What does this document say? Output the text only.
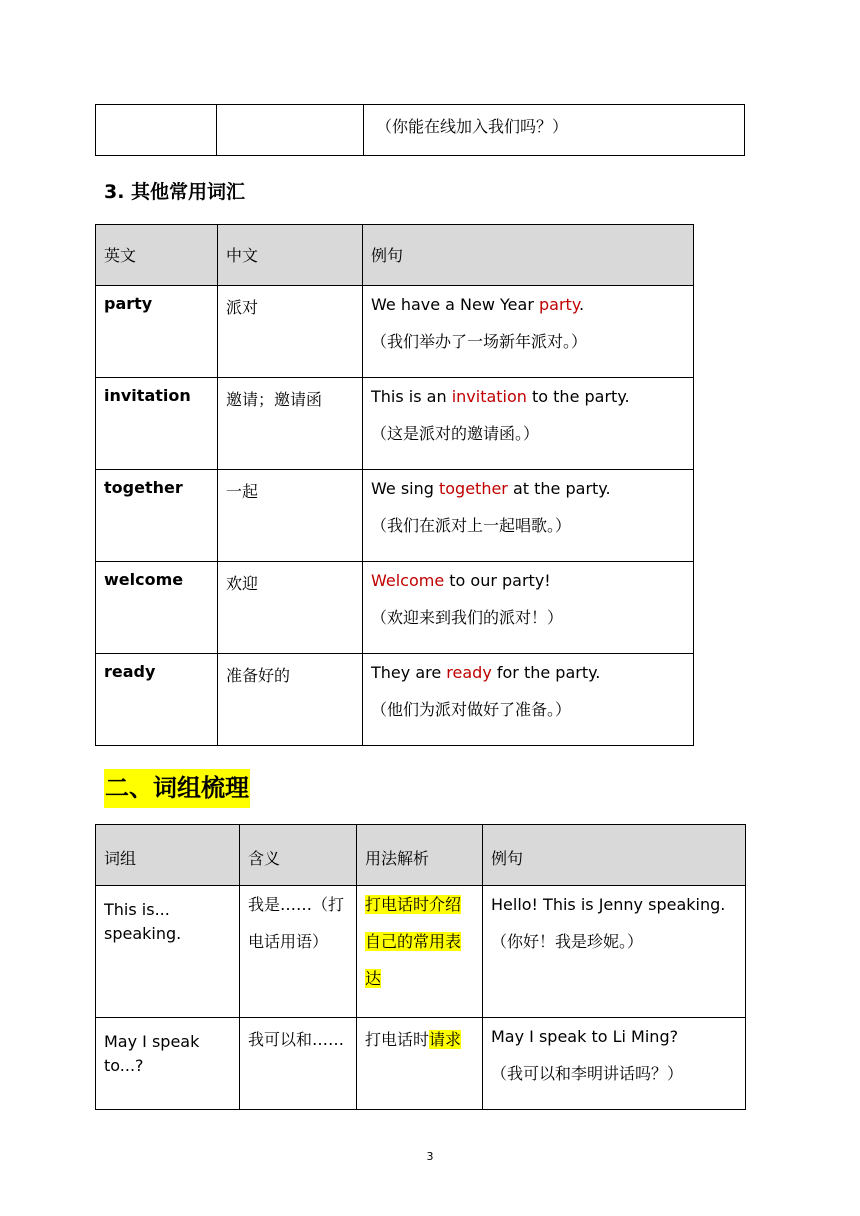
		（你能在线加入我们吗？）
3. 其他常用词汇
英文	中文	例句
party	派对	We have a New Year party.
（我们举办了一场新年派对。）

invitation	邀请；邀请函	This is an invitation to the party.
（这是派对的邀请函。）

together	一起	We sing together at the party.
（我们在派对上一起唱歌。）

welcome	欢迎	Welcome to our party!
（欢迎来到我们的派对！）

ready	准备好的	They are ready for the party.
（他们为派对做好了准备。）
二、词组梳理
词组	含义	用法解析	例句
This is... speaking.	我是……（打电话用语）	打电话时介绍自己的常用表达	Hello! This is Jenny speaking.
（你好！我是珍妮。）

May I speak to...?	我可以和……	打电话时请求	May I speak to Li Ming?
（我可以和李明讲话吗？）
3
